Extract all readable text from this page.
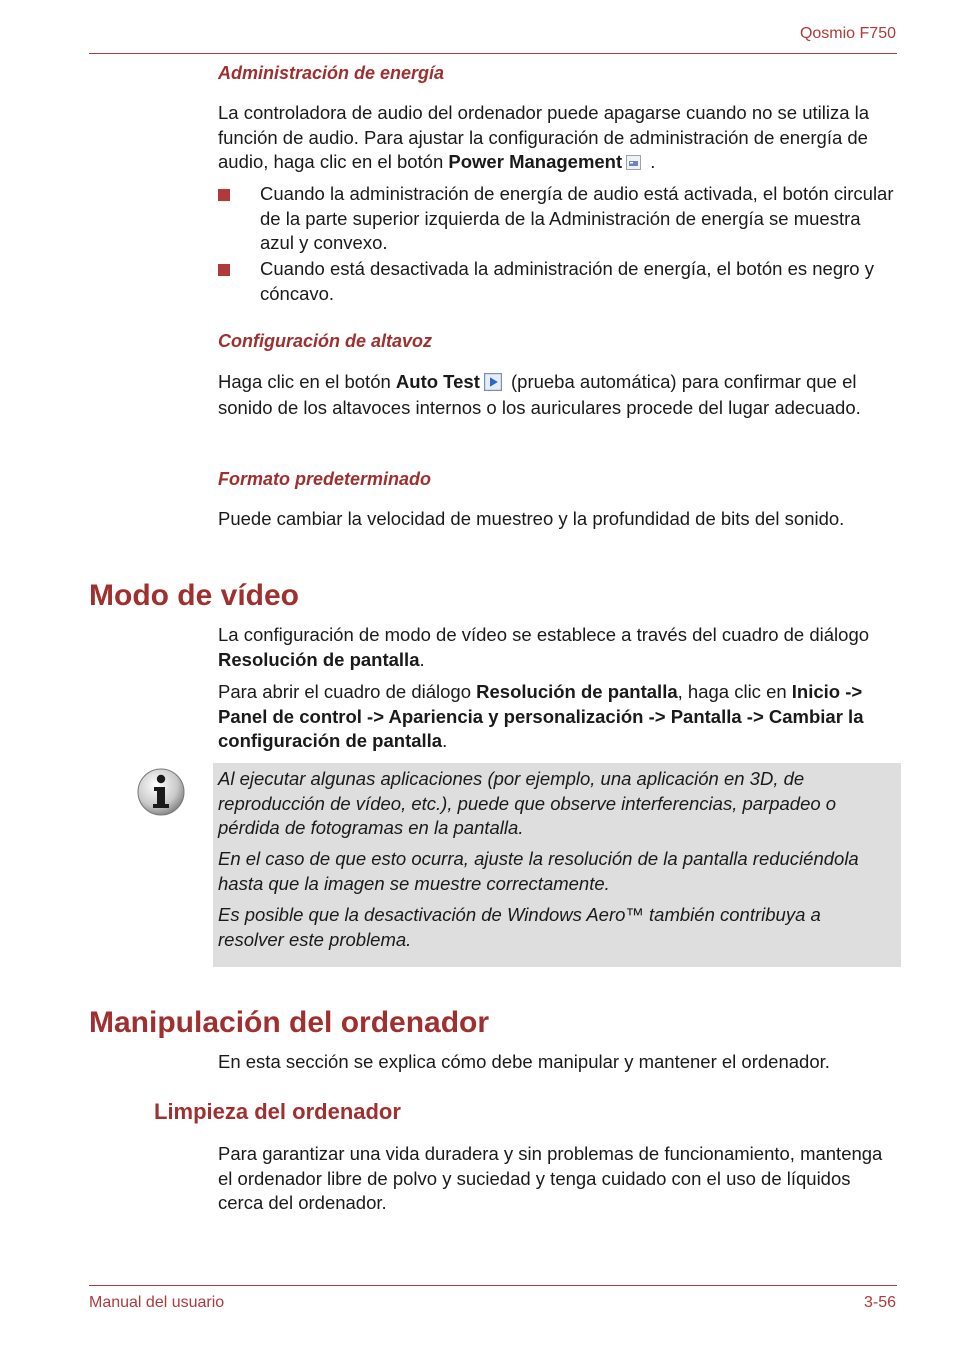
Qosmio F750

Administración de energía

La controladora de audio del ordenador puede apagarse cuando no se utiliza la función de audio. Para ajustar la configuración de administración de energía de audio, haga clic en el botón Power Management .

Cuando la administración de energía de audio está activada, el botón circular de la parte superior izquierda de la Administración de energía se muestra azul y convexo.
Cuando está desactivada la administración de energía, el botón es negro y cóncavo.

Configuración de altavoz

Haga clic en el botón Auto Test (prueba automática) para confirmar que el sonido de los altavoces internos o los auriculares procede del lugar adecuado.

Formato predeterminado

Puede cambiar la velocidad de muestreo y la profundidad de bits del sonido.

Modo de vídeo

La configuración de modo de vídeo se establece a través del cuadro de diálogo Resolución de pantalla.

Para abrir el cuadro de diálogo Resolución de pantalla, haga clic en Inicio -> Panel de control -> Apariencia y personalización -> Pantalla -> Cambiar la configuración de pantalla.

Al ejecutar algunas aplicaciones (por ejemplo, una aplicación en 3D, de reproducción de vídeo, etc.), puede que observe interferencias, parpadeo o pérdida de fotogramas en la pantalla.

En el caso de que esto ocurra, ajuste la resolución de la pantalla reduciéndola hasta que la imagen se muestre correctamente.

Es posible que la desactivación de Windows Aero™ también contribuya a resolver este problema.

Manipulación del ordenador

En esta sección se explica cómo debe manipular y mantener el ordenador.

Limpieza del ordenador

Para garantizar una vida duradera y sin problemas de funcionamiento, mantenga el ordenador libre de polvo y suciedad y tenga cuidado con el uso de líquidos cerca del ordenador.

Manual del usuario	3-56
